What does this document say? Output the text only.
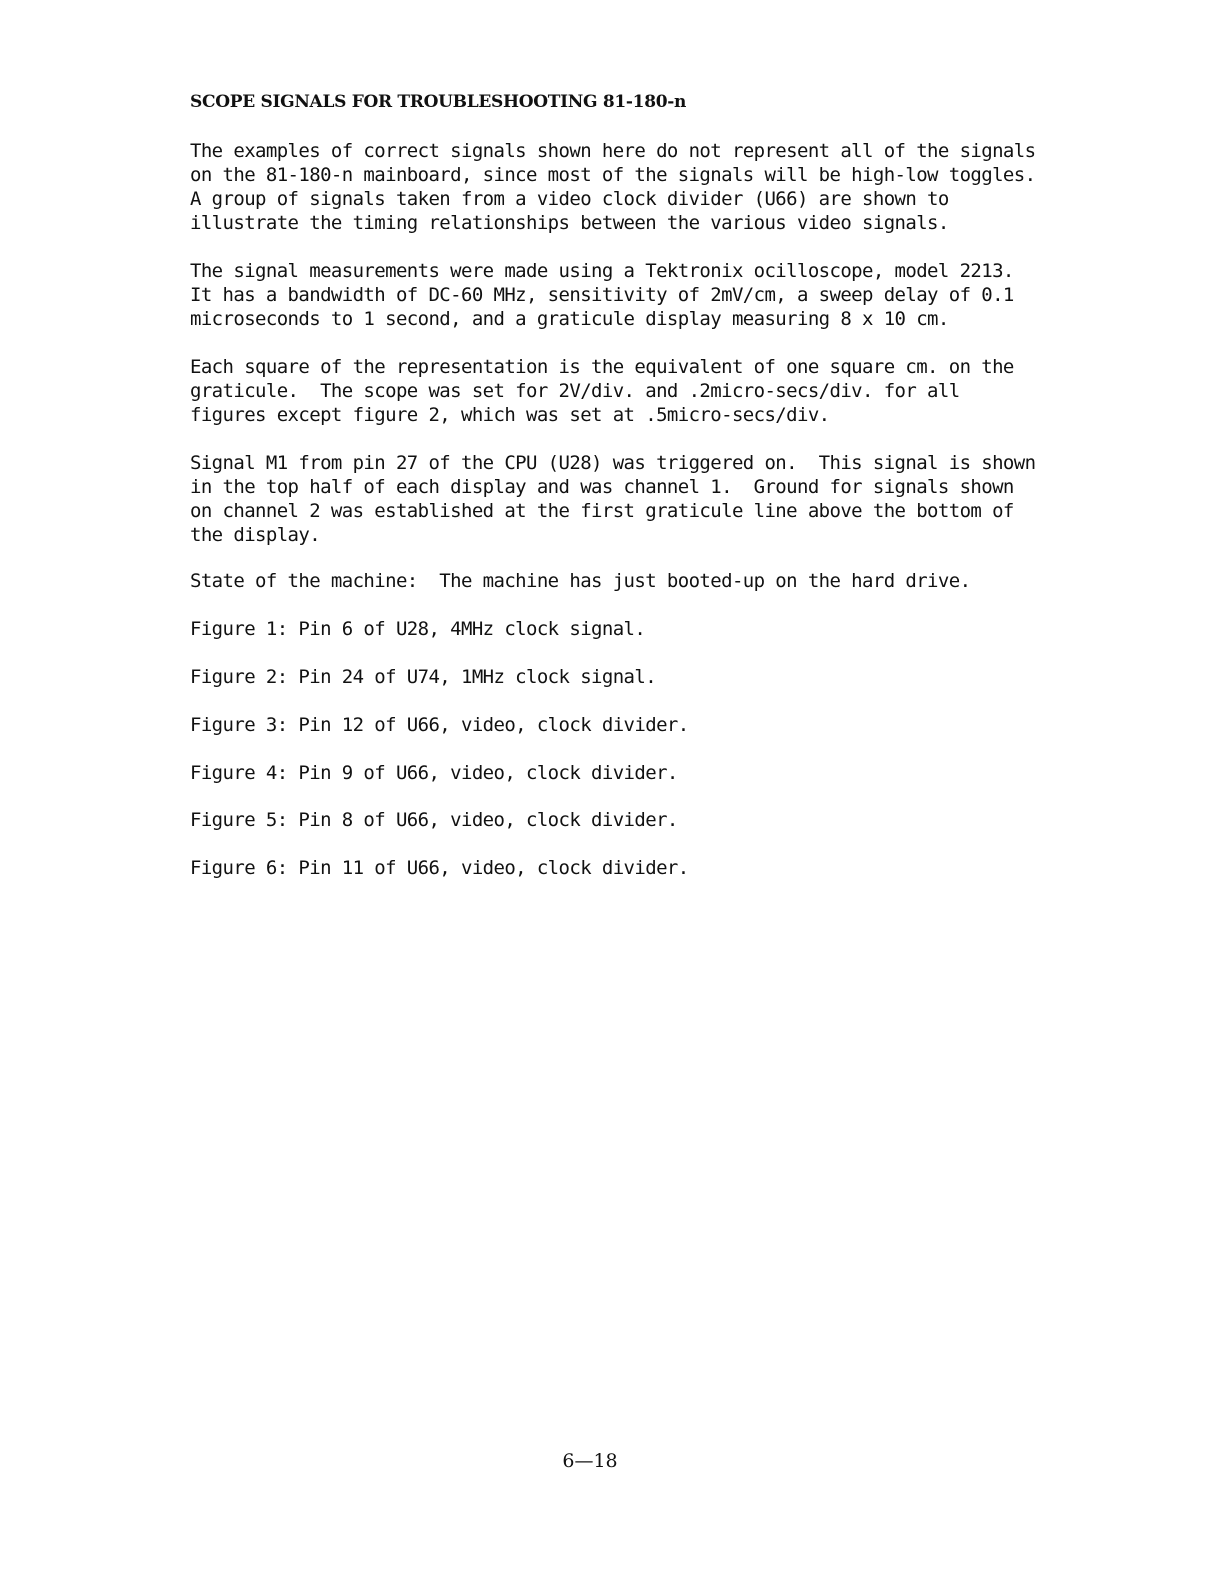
SCOPE SIGNALS FOR TROUBLESHOOTING 81-180-n
The examples of correct signals shown here do not represent all of the signals
on the 81-180-n mainboard, since most of the signals will be high-low toggles.
A group of signals taken from a video clock divider (U66) are shown to
illustrate the timing relationships between the various video signals.
The signal measurements were made using a Tektronix ocilloscope, model 2213.
It has a bandwidth of DC-60 MHz, sensitivity of 2mV/cm, a sweep delay of 0.1
microseconds to 1 second, and a graticule display measuring 8 x 10 cm.
Each square of the representation is the equivalent of one square cm. on the
graticule.  The scope was set for 2V/div. and .2micro-secs/div. for all
figures except figure 2, which was set at .5micro-secs/div.
Signal M1 from pin 27 of the CPU (U28) was triggered on.  This signal is shown
in the top half of each display and was channel 1.  Ground for signals shown
on channel 2 was established at the first graticule line above the bottom of
the display.
State of the machine:  The machine has just booted-up on the hard drive.
Figure 1: Pin 6 of U28, 4MHz clock signal.
Figure 2: Pin 24 of U74, 1MHz clock signal.
Figure 3: Pin 12 of U66, video, clock divider.
Figure 4: Pin 9 of U66, video, clock divider.
Figure 5: Pin 8 of U66, video, clock divider.
Figure 6: Pin 11 of U66, video, clock divider.
6—18
